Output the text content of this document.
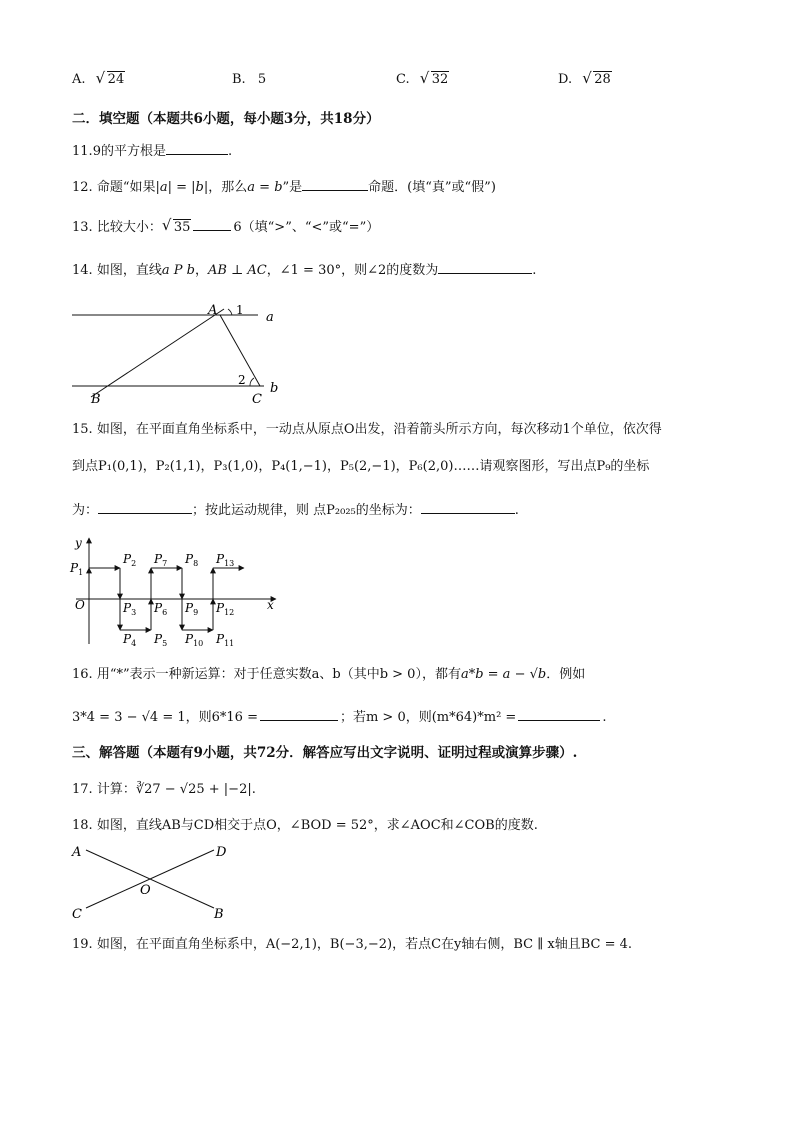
A. √ 24	B. 5	C. √ 32	D. √ 28
二．填空题（本题共6小题，每小题3分，共18分）
11.9的平方根是	.
12. 命题“如果|a| = |b|，那么a = b”是	命题．(填“真”或“假”)
13. 比较大小： √ 35	6（填“>”、“<”或“=”）
14. 如图，直线a P b，AB ⊥ AC，∠1 = 30°，则∠2的度数为	.
A 1 a
2
b
B	C
15. 如图，在平面直角坐标系中，一动点从原点O出发，沿着箭头所示方向，每次移动1个单位，依次得
到点P₁(0,1)，P₂(1,1)，P₃(1,0)，P₄(1,−1)，P₅(2,−1)，P₆(2,0)……请观察图形，写出点P₉的坐标
为：	；按此运动规律，则 点P₂₀₂₅的坐标为：	.
y
x
O
$P_1$
$P_2$
$P_3$
$P_4$ $P_5$
$P_6$
$P_7$ $P_8$
$P_9$
$P_{10}$ $P_{11}$
$P_{12}$
$P_{13}$
16. 用“*”表示一种新运算：对于任意实数a、b（其中b > 0），都有a*b = a − √b．例如
3*4 = 3 − √4 = 1，则6*16 =	；若m > 0，则(m*64)*m² =	.
三、解答题（本题有9小题，共72分．解答应写出文字说明、证明过程或演算步骤）.
17. 计算：∛27 − √25 + |−2|.
18. 如图，直线AB与CD相交于点O，∠BOD = 52°，求∠AOC和∠COB的度数.
A	D
O
C	B
19. 如图，在平面直角坐标系中，A(−2,1)，B(−3,−2)，若点C在y轴右侧，BC ∥ x轴且BC = 4.
